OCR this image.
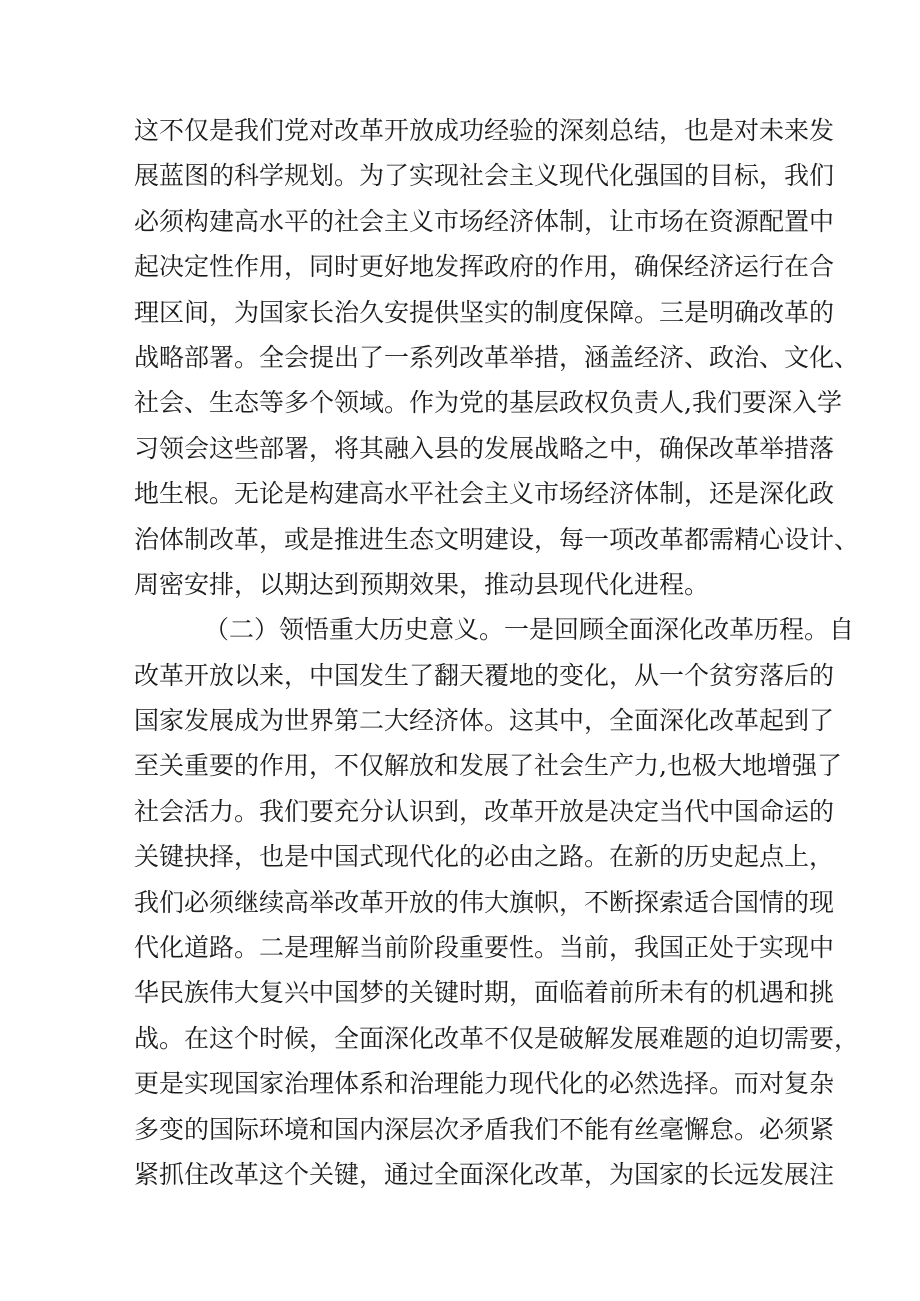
这不仅是我们党对改革开放成功经验的深刻总结，也是对未来发
展蓝图的科学规划。为了实现社会主义现代化强国的目标，我们
必须构建高水平的社会主义市场经济体制，让市场在资源配置中
起决定性作用，同时更好地发挥政府的作用，确保经济运行在合
理区间，为国家长治久安提供坚实的制度保障。三是明确改革的
战略部署。全会提出了一系列改革举措，涵盖经济、政治、文化、
社会、生态等多个领域。作为党的基层政权负责人,我们要深入学
习领会这些部署，将其融入县的发展战略之中，确保改革举措落
地生根。无论是构建高水平社会主义市场经济体制，还是深化政
治体制改革，或是推进生态文明建设，每一项改革都需精心设计、
周密安排，以期达到预期效果，推动县现代化进程。
（二）领悟重大历史意义。一是回顾全面深化改革历程。自
改革开放以来，中国发生了翻天覆地的变化，从一个贫穷落后的
国家发展成为世界第二大经济体。这其中，全面深化改革起到了
至关重要的作用，不仅解放和发展了社会生产力,也极大地增强了
社会活力。我们要充分认识到，改革开放是决定当代中国命运的
关键抉择，也是中国式现代化的必由之路。在新的历史起点上，
我们必须继续高举改革开放的伟大旗帜，不断探索适合国情的现
代化道路。二是理解当前阶段重要性。当前，我国正处于实现中
华民族伟大复兴中国梦的关键时期，面临着前所未有的机遇和挑
战。在这个时候，全面深化改革不仅是破解发展难题的迫切需要，
更是实现国家治理体系和治理能力现代化的必然选择。而对复杂
多变的国际环境和国内深层次矛盾我们不能有丝毫懈怠。必须紧
紧抓住改革这个关键，通过全面深化改革，为国家的长远发展注
